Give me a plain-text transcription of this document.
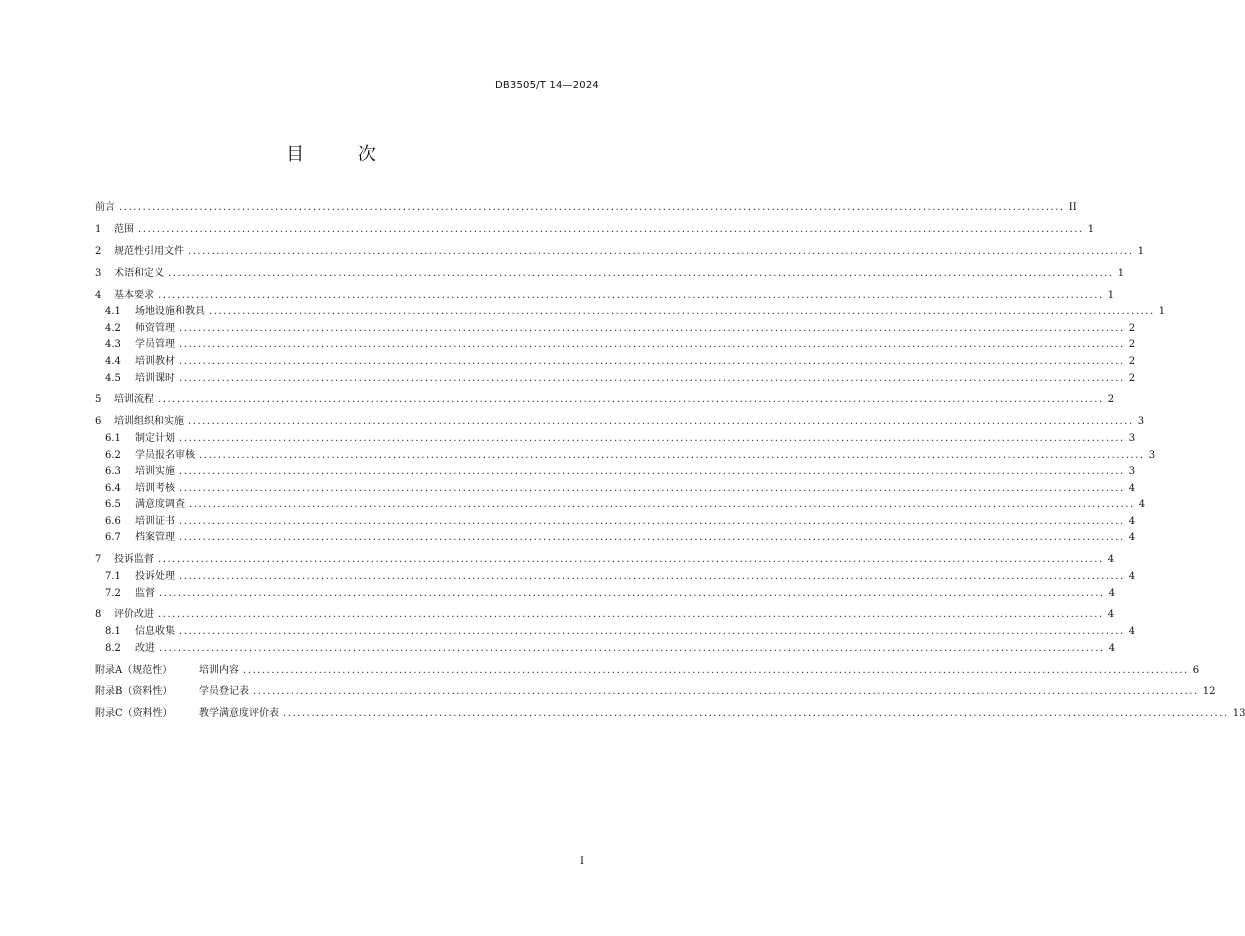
DB3505/T 14—2024
目 次
前言 ........................................................................................................................................................................................................ II
1	范围 ........................................................................................................................................................................................................ 1
2	规范性引用文件 ........................................................................................................................................................................................................ 1
3	术语和定义 ........................................................................................................................................................................................................ 1
4	基本要求 ........................................................................................................................................................................................................ 1
4.1	场地设施和教具 ........................................................................................................................................................................................................ 1
4.2	师资管理 ........................................................................................................................................................................................................ 2
4.3	学员管理 ........................................................................................................................................................................................................ 2
4.4	培训教材 ........................................................................................................................................................................................................ 2
4.5	培训课时 ........................................................................................................................................................................................................ 2
5	培训流程 ........................................................................................................................................................................................................ 2
6	培训组织和实施 ........................................................................................................................................................................................................ 3
6.1	制定计划 ........................................................................................................................................................................................................ 3
6.2	学员报名审核 ........................................................................................................................................................................................................ 3
6.3	培训实施 ........................................................................................................................................................................................................ 3
6.4	培训考核 ........................................................................................................................................................................................................ 4
6.5	满意度调查 ........................................................................................................................................................................................................ 4
6.6	培训证书 ........................................................................................................................................................................................................ 4
6.7	档案管理 ........................................................................................................................................................................................................ 4
7	投诉监督 ........................................................................................................................................................................................................ 4
7.1	投诉处理 ........................................................................................................................................................................................................ 4
7.2	监督 ........................................................................................................................................................................................................ 4
8	评价改进 ........................................................................................................................................................................................................ 4
8.1	信息收集 ........................................................................................................................................................................................................ 4
8.2	改进 ........................................................................................................................................................................................................ 4
附录A（规范性）	培训内容 ........................................................................................................................................................................................................ 6
附录B（资料性）	学员登记表 ........................................................................................................................................................................................................ 12
附录C（资料性）	教学满意度评价表 ........................................................................................................................................................................................................ 13
I
